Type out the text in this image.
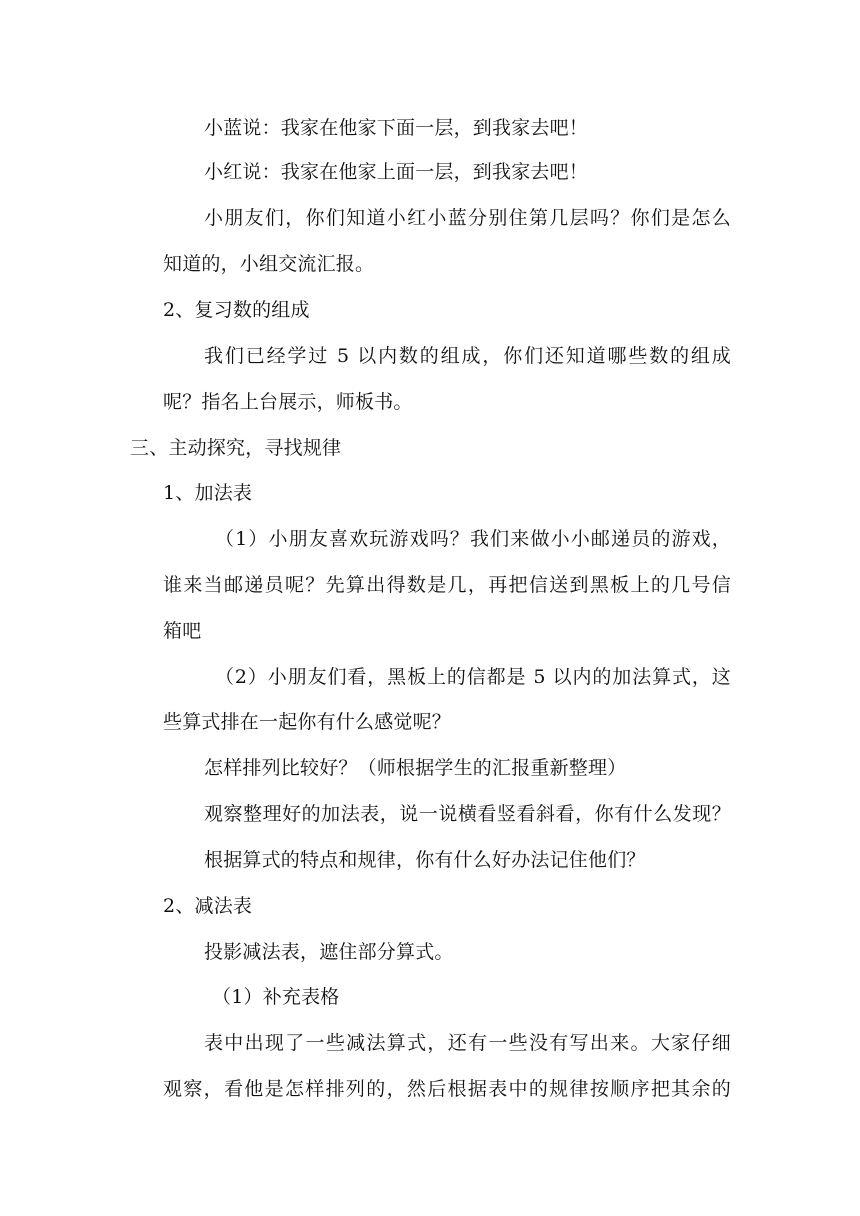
小蓝说：我家在他家下面一层，到我家去吧！
小红说：我家在他家上面一层，到我家去吧！
小朋友们，你们知道小红小蓝分别住第几层吗？你们是怎么
知道的，小组交流汇报。
2、复习数的组成
我们已经学过 5 以内数的组成，你们还知道哪些数的组成
呢？指名上台展示，师板书。
三、主动探究，寻找规律
1、加法表
（1）小朋友喜欢玩游戏吗？我们来做小小邮递员的游戏，
谁来当邮递员呢？先算出得数是几，再把信送到黑板上的几号信
箱吧
（2）小朋友们看，黑板上的信都是 5 以内的加法算式，这
些算式排在一起你有什么感觉呢？
怎样排列比较好？（师根据学生的汇报重新整理）
观察整理好的加法表，说一说横看竖看斜看，你有什么发现？
根据算式的特点和规律，你有什么好办法记住他们？
2、减法表
投影减法表，遮住部分算式。
（1）补充表格
表中出现了一些减法算式，还有一些没有写出来。大家仔细
观察，看他是怎样排列的，然后根据表中的规律按顺序把其余的
